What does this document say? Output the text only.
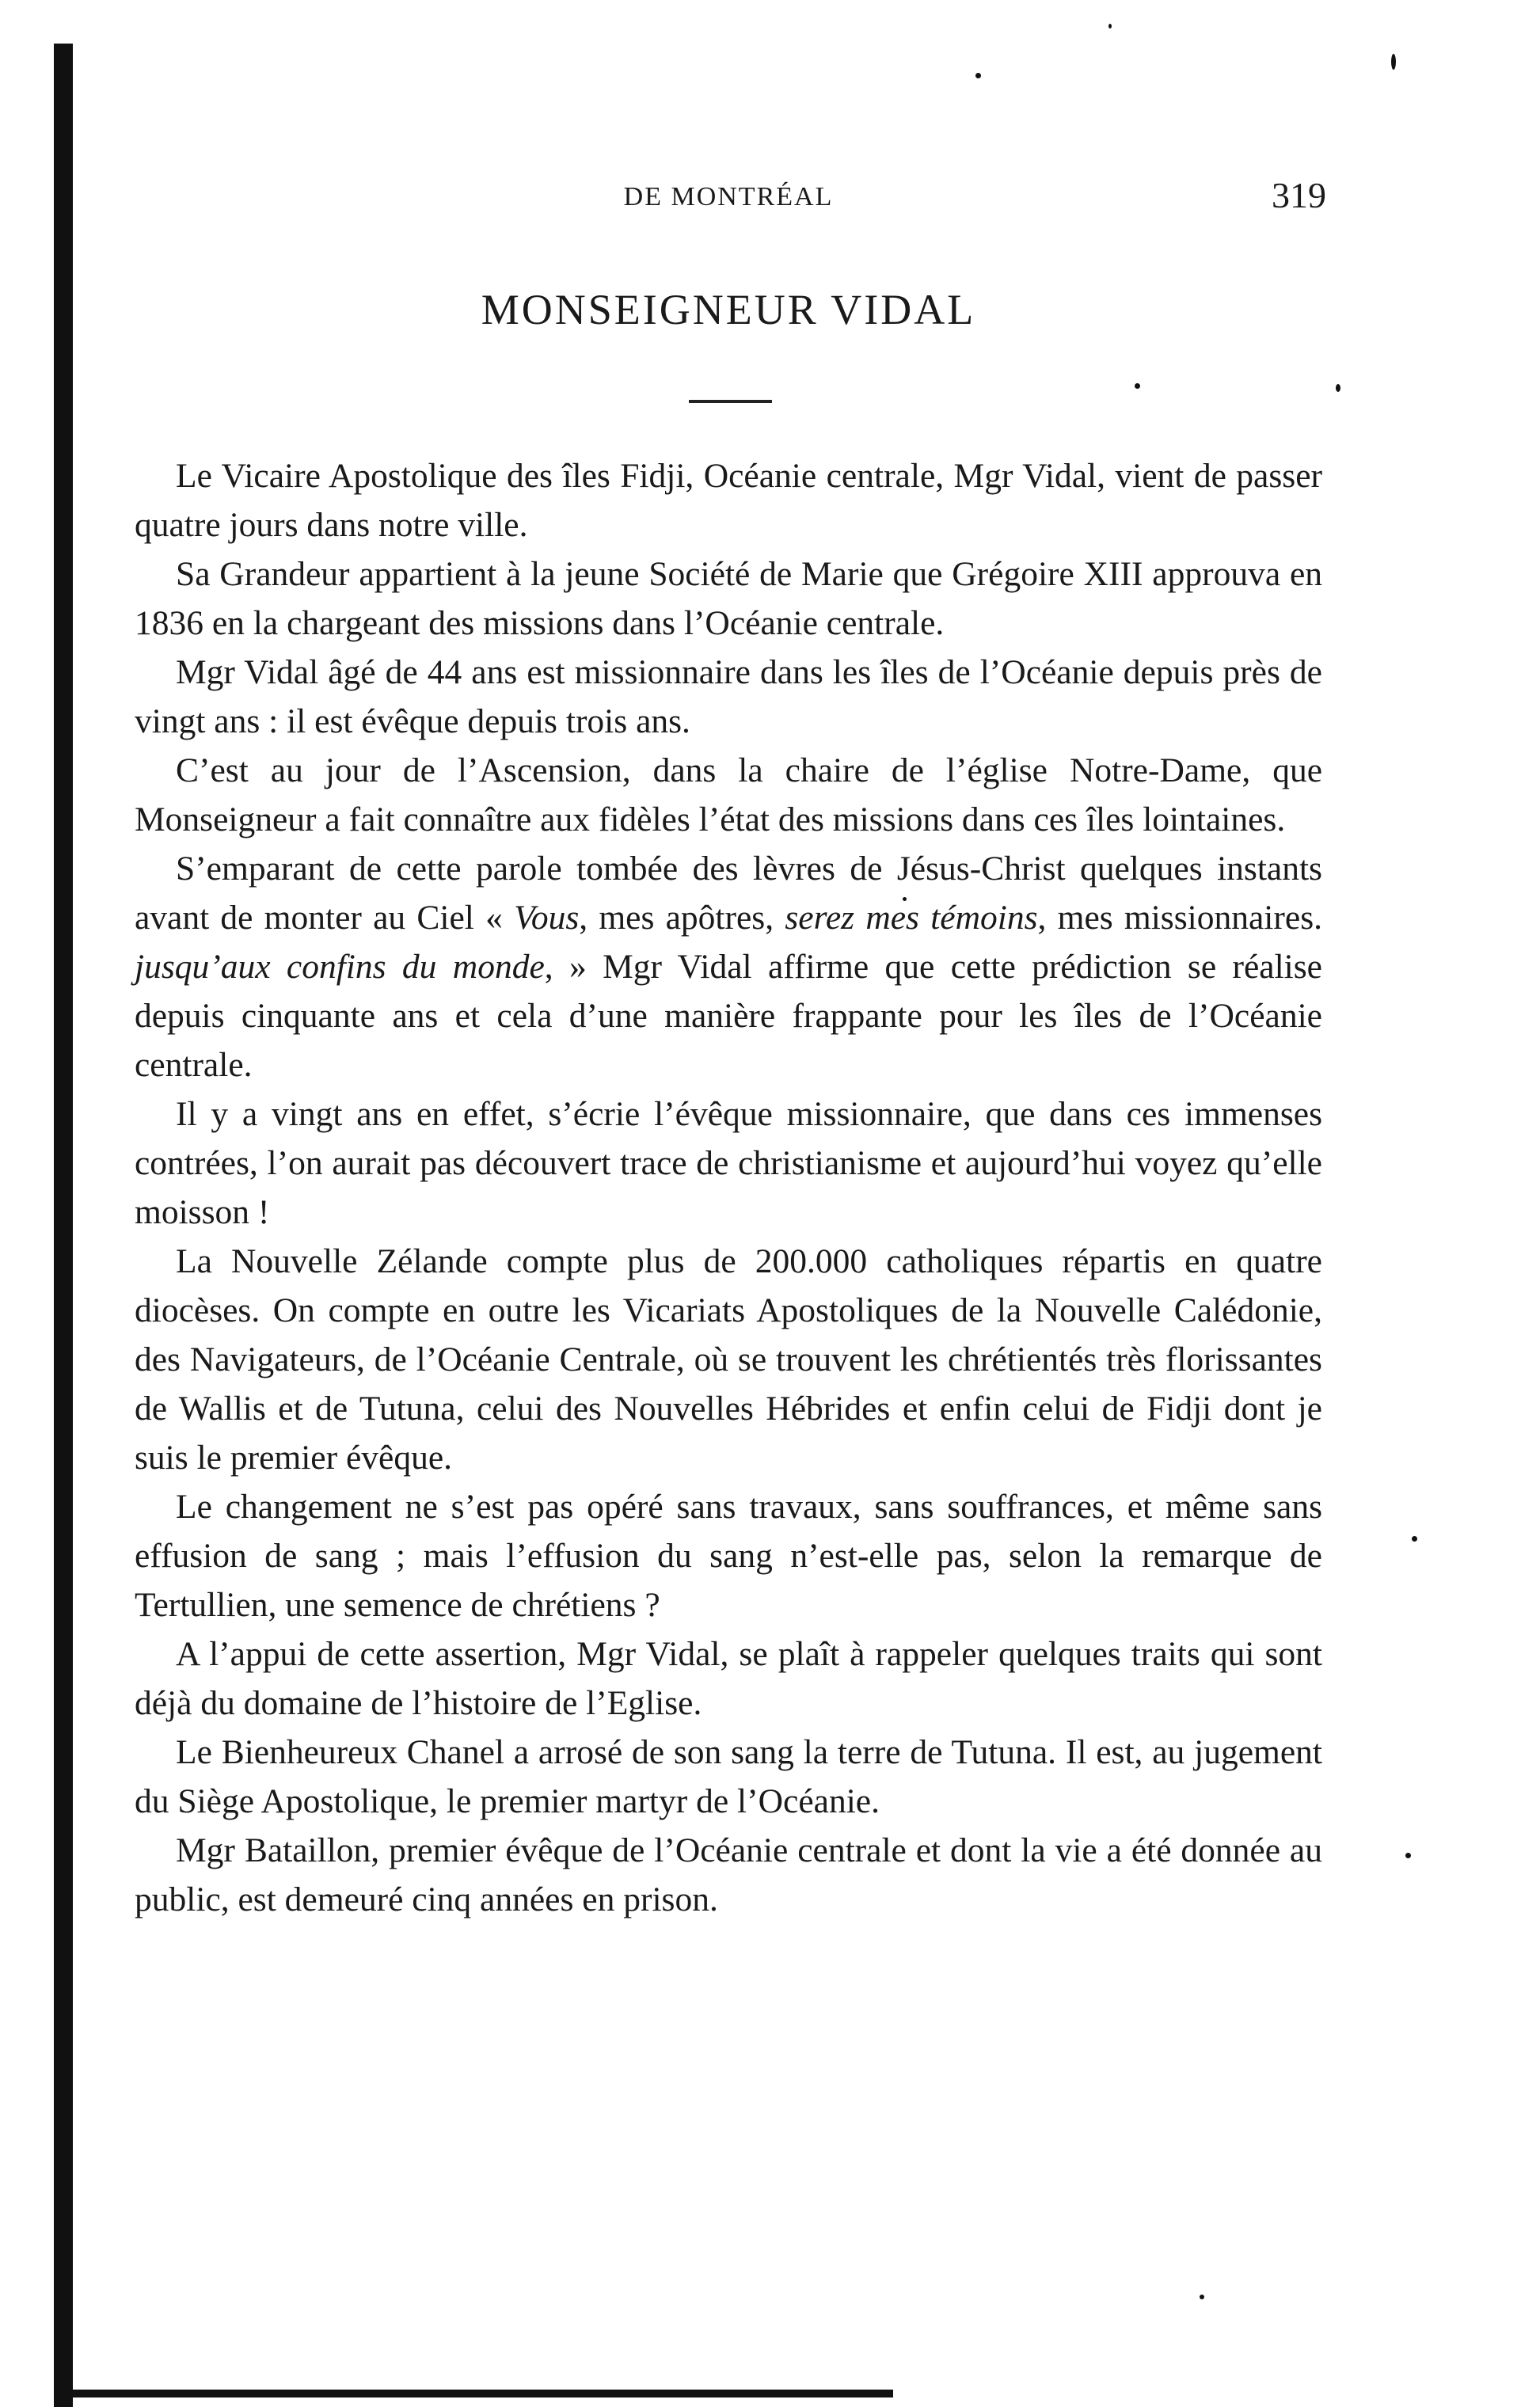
DE MONTRÉAL	319
MONSEIGNEUR VIDAL

Le Vicaire Apostolique des îles Fidji, Océanie centrale, Mgr Vidal, vient de passer quatre jours dans notre ville.

Sa Grandeur appartient à la jeune Société de Marie que Grégoire XIII approuva en 1836 en la chargeant des missions dans l’Océanie centrale.

Mgr Vidal âgé de 44 ans est missionnaire dans les îles de l’Océanie depuis près de vingt ans : il est évêque depuis trois ans.

C’est au jour de l’Ascension, dans la chaire de l’église Notre-Dame, que Monseigneur a fait connaître aux fidèles l’état des missions dans ces îles lointaines.

S’emparant de cette parole tombée des lèvres de Jésus-Christ quelques instants avant de monter au Ciel « Vous, mes apôtres, serez mes témoins, mes missionnaires. jusqu’aux confins du monde, » Mgr Vidal affirme que cette prédiction se réalise depuis cinquante ans et cela d’une manière frappante pour les îles de l’Océanie centrale.

Il y a vingt ans en effet, s’écrie l’évêque missionnaire, que dans ces immenses contrées, l’on aurait pas découvert trace de christianisme et aujourd’hui voyez qu’elle moisson !

La Nouvelle Zélande compte plus de 200.000 catholiques répartis en quatre diocèses. On compte en outre les Vicariats Apostoliques de la Nouvelle Calédonie, des Navigateurs, de l’Océanie Centrale, où se trouvent les chrétientés très florissantes de Wallis et de Tutuna, celui des Nouvelles Hébrides et enfin celui de Fidji dont je suis le premier évêque.

Le changement ne s’est pas opéré sans travaux, sans souffrances, et même sans effusion de sang ; mais l’effusion du sang n’est-elle pas, selon la remarque de Tertullien, une semence de chrétiens ?

A l’appui de cette assertion, Mgr Vidal, se plaît à rappeler quelques traits qui sont déjà du domaine de l’histoire de l’Eglise.

Le Bienheureux Chanel a arrosé de son sang la terre de Tutuna. Il est, au jugement du Siège Apostolique, le premier martyr de l’Océanie.

Mgr Bataillon, premier évêque de l’Océanie centrale et dont la vie a été donnée au public, est demeuré cinq années en prison.
